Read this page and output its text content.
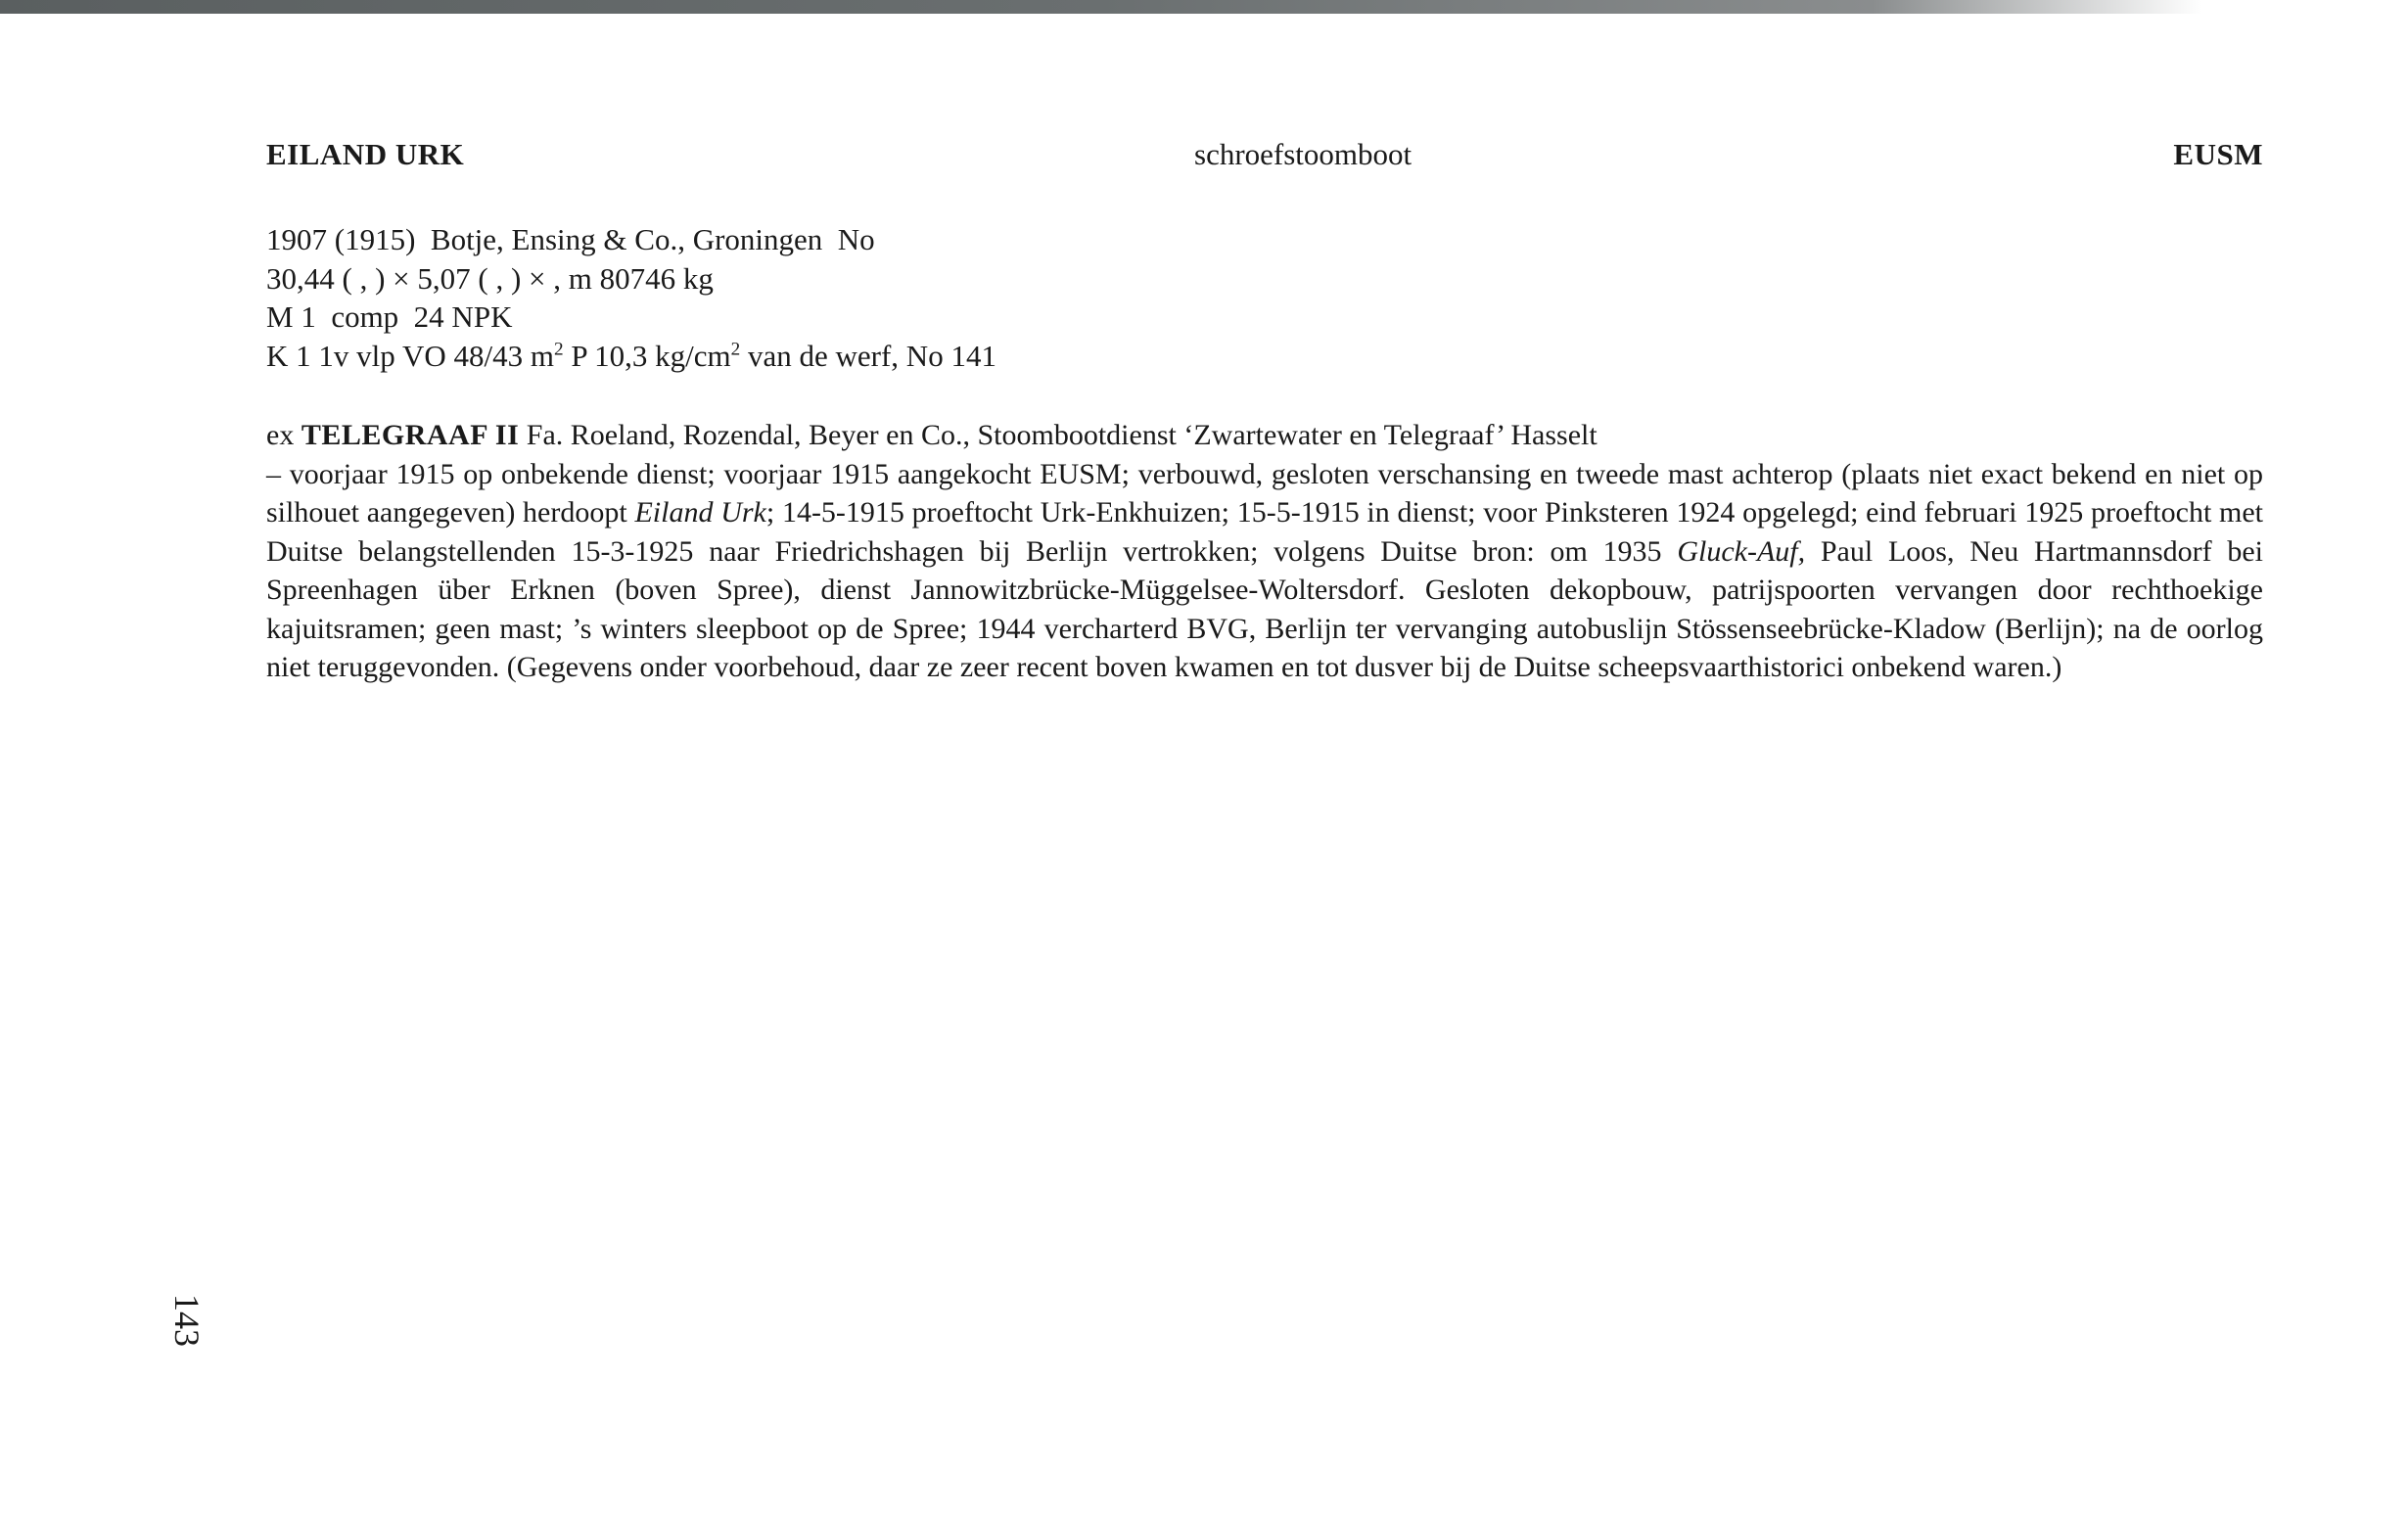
EILAND URK	schroefstoomboot	EUSM
1907 (1915)  Botje, Ensing & Co., Groningen  No
30,44 ( , ) × 5,07 ( , ) × , m 80746 kg
M 1  comp  24 NPK
K 1 1v vlp VO 48/43 $m^2$ P 10,3 $kg/cm^2$ van de werf, No 141
ex TELEGRAAF II Fa. Roeland, Rozendal, Beyer en Co., Stoombootdienst ‘Zwartewater en Telegraaf’ Hasselt

– voorjaar 1915 op onbekende dienst; voorjaar 1915 aangekocht EUSM; verbouwd, gesloten verschansing en tweede mast achterop (plaats niet exact bekend en niet op silhouet aangegeven) herdoopt Eiland Urk; 14-5-1915 proeftocht Urk-Enkhuizen; 15-5-1915 in dienst; voor Pinksteren 1924 opgelegd; eind februari 1925 proeftocht met Duitse belangstellenden 15-3-1925 naar Friedrichshagen bij Berlijn vertrokken; volgens Duitse bron: om 1935 Gluck-Auf, Paul Loos, Neu Hartmannsdorf bei Spreenhagen über Erknen (boven Spree), dienst Jannowitzbrücke-Müggelsee-Woltersdorf. Gesloten dekopbouw, patrijspoorten vervangen door rechthoekige kajuitsramen; geen mast; ’s winters sleepboot op de Spree; 1944 vercharterd BVG, Berlijn ter vervanging autobuslijn Stössenseebrücke-Kladow (Berlijn); na de oorlog niet teruggevonden. (Gegevens onder voorbehoud, daar ze zeer recent boven kwamen en tot dusver bij de Duitse scheepsvaarthistorici onbekend waren.)

143
